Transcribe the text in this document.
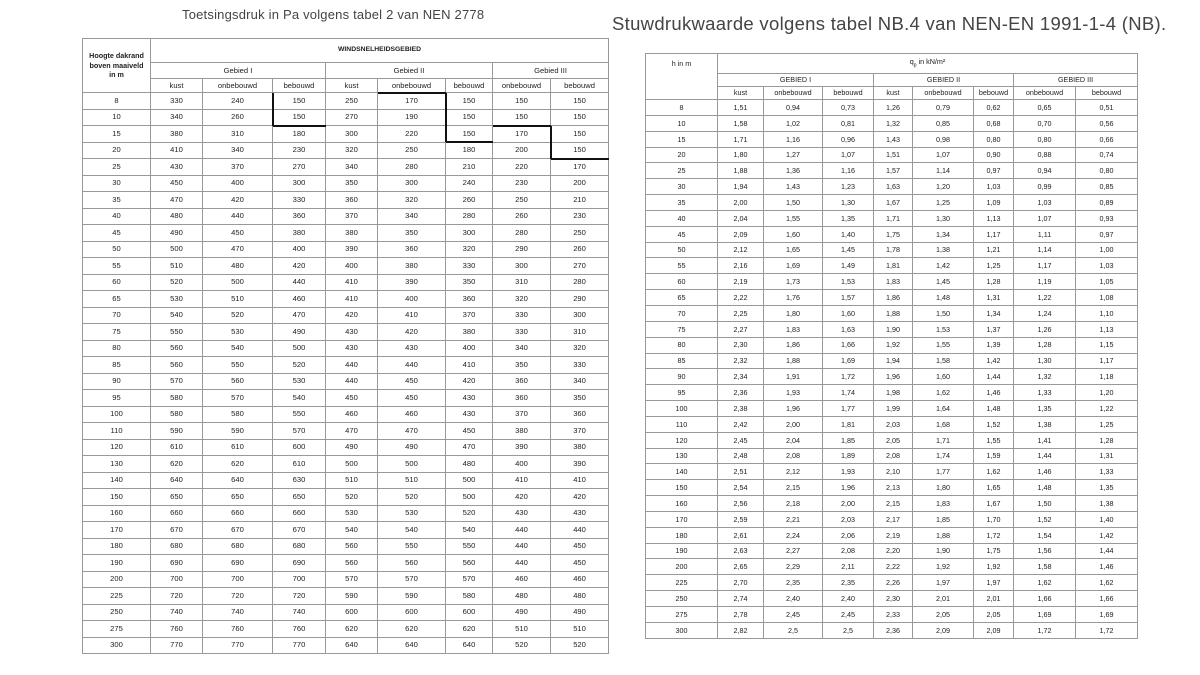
Toetsingsdruk in Pa volgens tabel 2 van NEN 2778	Stuwdrukwaarde volgens tabel NB.4 van NEN-EN 1991-1-4 (NB).
Hoogte dakrand
boven maaiveld
in m	WINDSNELHEIDSGEBIED							
	Gebied I			Gebied II			Gebied III	
	kust	onbebouwd	bebouwd	kust	onbebouwd	bebouwd	onbebouwd	bebouwd
8	330	240	150	250	170	150	150	150
10	340	260	150	270	190	150	150	150
15	380	310	180	300	220	150	170	150
20	410	340	230	320	250	180	200	150
25	430	370	270	340	280	210	220	170
30	450	400	300	350	300	240	230	200
35	470	420	330	360	320	260	250	210
40	480	440	360	370	340	280	260	230
45	490	450	380	380	350	300	280	250
50	500	470	400	390	360	320	290	260
55	510	480	420	400	380	330	300	270
60	520	500	440	410	390	350	310	280
65	530	510	460	410	400	360	320	290
70	540	520	470	420	410	370	330	300
75	550	530	490	430	420	380	330	310
80	560	540	500	430	430	400	340	320
85	560	550	520	440	440	410	350	330
90	570	560	530	440	450	420	360	340
95	580	570	540	450	450	430	360	350
100	580	580	550	460	460	430	370	360
110	590	590	570	470	470	450	380	370
120	610	610	600	490	490	470	390	380
130	620	620	610	500	500	480	400	390
140	640	640	630	510	510	500	410	410
150	650	650	650	520	520	500	420	420
160	660	660	660	530	530	520	430	430
170	670	670	670	540	540	540	440	440
180	680	680	680	560	550	550	440	450
190	690	690	690	560	560	560	440	450
200	700	700	700	570	570	570	460	460
225	720	720	720	590	590	580	480	480
250	740	740	740	600	600	600	490	490
275	760	760	760	620	620	620	510	510
300	770	770	770	640	640	640	520	520
h in m	$q_p$ in kN/m²							
	GEBIED I			GEBIED II			GEBIED III	
	kust	onbebouwd	bebouwd	kust	onbebouwd	bebouwd	onbebouwd	bebouwd
8	1,51	0,94	0,73	1,26	0,79	0,62	0,65	0,51
10	1,58	1,02	0,81	1,32	0,85	0,68	0,70	0,56
15	1,71	1,16	0,96	1,43	0,98	0,80	0,80	0,66
20	1,80	1,27	1,07	1,51	1,07	0,90	0,88	0,74
25	1,88	1,36	1,16	1,57	1,14	0,97	0,94	0,80
30	1,94	1,43	1,23	1,63	1,20	1,03	0,99	0,85
35	2,00	1,50	1,30	1,67	1,25	1,09	1,03	0,89
40	2,04	1,55	1,35	1,71	1,30	1,13	1,07	0,93
45	2,09	1,60	1,40	1,75	1,34	1,17	1,11	0,97
50	2,12	1,65	1,45	1,78	1,38	1,21	1,14	1,00
55	2,16	1,69	1,49	1,81	1,42	1,25	1,17	1,03
60	2,19	1,73	1,53	1,83	1,45	1,28	1,19	1,05
65	2,22	1,76	1,57	1,86	1,48	1,31	1,22	1,08
70	2,25	1,80	1,60	1,88	1,50	1,34	1,24	1,10
75	2,27	1,83	1,63	1,90	1,53	1,37	1,26	1,13
80	2,30	1,86	1,66	1,92	1,55	1,39	1,28	1,15
85	2,32	1,88	1,69	1,94	1,58	1,42	1,30	1,17
90	2,34	1,91	1,72	1,96	1,60	1,44	1,32	1,18
95	2,36	1,93	1,74	1,98	1,62	1,46	1,33	1,20
100	2,38	1,96	1,77	1,99	1,64	1,48	1,35	1,22
110	2,42	2,00	1,81	2,03	1,68	1,52	1,38	1,25
120	2,45	2,04	1,85	2,05	1,71	1,55	1,41	1,28
130	2,48	2,08	1,89	2,08	1,74	1,59	1,44	1,31
140	2,51	2,12	1,93	2,10	1,77	1,62	1,46	1,33
150	2,54	2,15	1,96	2,13	1,80	1,65	1,48	1,35
160	2,56	2,18	2,00	2,15	1,83	1,67	1,50	1,38
170	2,59	2,21	2,03	2,17	1,85	1,70	1,52	1,40
180	2,61	2,24	2,06	2,19	1,88	1,72	1,54	1,42
190	2,63	2,27	2,08	2,20	1,90	1,75	1,56	1,44
200	2,65	2,29	2,11	2,22	1,92	1,92	1,58	1,46
225	2,70	2,35	2,35	2,26	1,97	1,97	1,62	1,62
250	2,74	2,40	2,40	2,30	2,01	2,01	1,66	1,66
275	2,78	2,45	2,45	2,33	2,05	2,05	1,69	1,69
300	2,82	2,5	2,5	2,36	2,09	2,09	1,72	1,72
